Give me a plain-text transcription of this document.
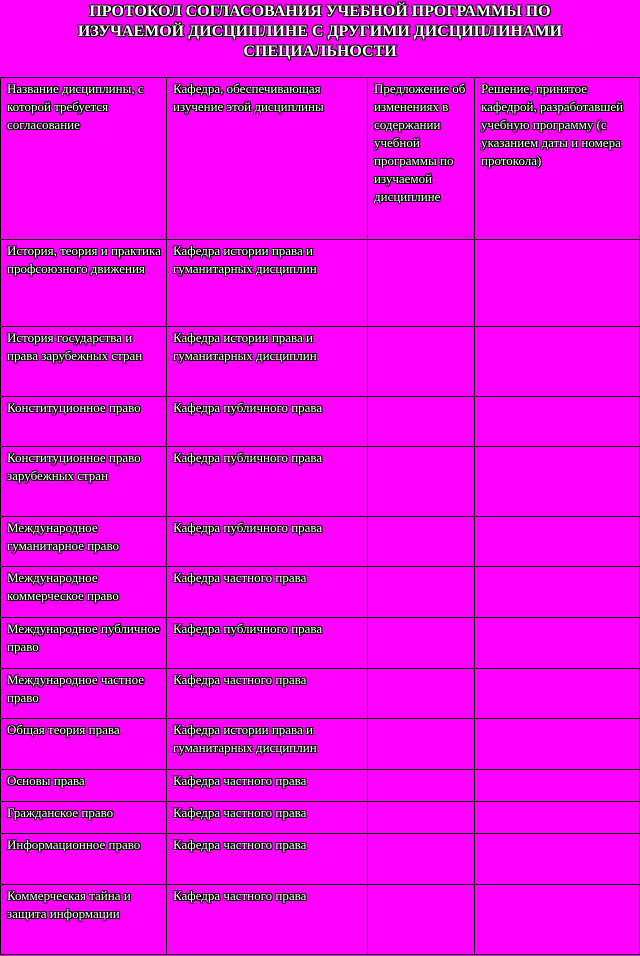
ПРОТОКОЛ СОГЛАСОВАНИЯ УЧЕБНОЙ ПРОГРАММЫ ПО
ИЗУЧАЕМОЙ ДИСЦИПЛИНЕ С ДРУГИМИ ДИСЦИПЛИНАМИ
СПЕЦИАЛЬНОСТИ
Название дисциплины, с которой требуется согласование	Кафедра, обеспечивающая изучение этой дисциплины	Предложение об изменениях в содержании учебной программы по изучаемой дисциплине	Решение, принятое кафедрой, разработавшей учебную программу (с указанием даты и номера протокола)
История, теория и практика профсоюзного движения	Кафедра истории права и гуманитарных дисциплин		
История государства и права зарубежных стран	Кафедра истории права и гуманитарных дисциплин		
Конституционное право	Кафедра публичного права		
Конституционное право зарубежных стран	Кафедра публичного права		
Международное гуманитарное право	Кафедра публичного права		
Международное коммерческое право	Кафедра частного права		
Международное публичное право	Кафедра публичного права		
Международное частное право	Кафедра частного права		
Общая теория права	Кафедра истории права и гуманитарных дисциплин		
Основы права	Кафедра частного права		
Гражданское право	Кафедра частного права		
Информационное право	Кафедра частного права		
Коммерческая тайна и защита информации	Кафедра частного права		
